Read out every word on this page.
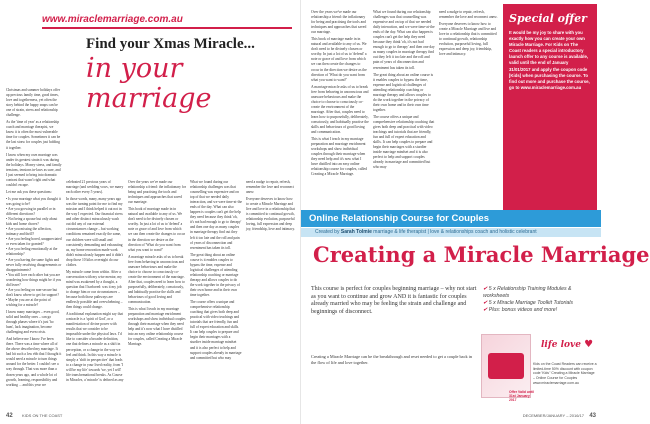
www.miraclemarriage.com.au
Find your Xmas Miracle...
in your marriage

Christmas and summer holidays offer up precious family time, good times, love and togetherness, yet often the story behind the happy snaps can be one of strain, stress and relationship challenge.

As the 'time of year' as a relationship coach and marriage therapist, we know it is often the most vulnerable time for couples. Sometimes it can be the last straw for couples just holding it together.

I know when my own marriage was under its greatest strain it was during the holidays. Money stress, and family tensions, tensions in-laws as sure, and I just seemed to bring into dramatic contrast that wasn't right and what couldn't escape.

Let me ask you these questions:

• Is your marriage what you thought it was going to be?
• Are you growing in parallel or in different directions?
• Not being a spouse but only about kids and home chores?
• Are you missing the affection, intimacy and thrill?
• Are you feeling bored, unappreciated or even taken for granted?
• Are you feeling emotionally at the relationship?
• Are you having the same fights and never fully resolving disagreements or disappointments?
• You still love each other but you are wondering how things might be if you did leave?
• Are you feeling on non-secure but don't know where to get for support?
• Maybe you are at the point of wishing for a miracle?

I know many marriages – even good, solid and healthy ones – can go through phases where it's just 'ho hum', lack imagination, become challenging and even crisis.

And believe me I know I've been there. There was a time where all of the above described my marriage. It had hit such a low ebb that I thought it would need a miracle to turn things around for the better. I couldn't see a way through. That was more than a dozen years ago, and a whole lot of growth, learning, responsibility and working ... and this year we

celebrated 21 precious years of marriage (and wedding vows, we marry each other every 5 years).

In those words, many, many years ago was the turning point for me to find my mission and I think helped it out not in the way I expected. Our financial stress and other distinct miraculously wash out did any of our external circumstances change – but working conditions remained exactly the same, our children were still small and consistently demanding and exhausting us, my home renovation made work didn't miraculously happen and it didn't drop those 10 kilos overnight do our clothes.

My miracle came from within. After a conversation with my wise mentor, my mind was awakened by a thought, a question that I harbored: was it my job to change him or our circumstances – because both those pathways are endlessly possible and overwhelming – then things could change.

A traditional explanation might say that a miracle is a 'spirit of God', or a manifestation of divine power with results that we consider to be impossible under the physical laws. I'd like to consider a broader definition, one that defines a miracle as a shift in perception, or a change in the way we feel and think. In this way a miracle is simply a 'shift in perspective' that leads to a change in your lived reality, from 'I will be my life' towards 'we, yet I will' life transformational breaks. As Course in Miracles, a 'miracle' is defined as any

Over the years we've made our relationship a friend: the inflationary for being and practising the tools and techniques and approaches that saved our marriage.

This book of marriage made in in natural and available to any of us. We don't need to be divinely chosen or worthy. In just a lot of us to 'defend' a note or grace of and love from which we can then create the changes to occur in the direction we desire as the direction of 'What do you want from what you want to want?'

A marriage miracle asks of us to break free from behaving in unconscious and unaware behaviours and make the choice to choose to consciously co-create the environment of the marriage. After that, couples need to learn how to purposefully, deliberately, consciously, and habitually practise the skills and behaviours of good loving and communication.

This is what I teach in my marriage preparation and marriage enrichment workshops and show individual couples through their marriage when they need help and it's now what I have distilled into an easy online relationship course for couples, called Creating a Miracle Marriage.

What we found during our relationship challenges was that counselling was expensive and on top of that we needed daily interaction, and we were time-at-the ends of the day. What can also happen is couples can't get the help they need because they think 'oh, it's not bad enough to go to therapy' and then one day as many couples in marriage therapy find out they left it too late and the roll and pain of years of disconnection and resentment has taken its toll.

The great thing about an online course is it enables couples to bypass the time, expense and logistical challenges of attending relationship coaching or marriage therapy and allows couples to do the work together in the privacy of their own home and in their own time together.

The course offers a unique and comprehensive relationship coaching that gives both deep and practical with video teachings and tutorials that are friendly, fun and full of expert education and skills. It can help couples to prepare and begin their marriages with a sturdier inside marriage mindset and it is also perfect to help and support couples already in marriage and committed but who may

need a nudge to repair, refresh, remember the love and reconnect anew.

Everyone deserves to know how to create a Miracle Marriage and live and love in a relationship that is committed to continual growth, relationship evolution, purposeful loving, full expression and deep joy, friendship, love and intimacy.

42 KIDS ON THE COAST

Over the years we've made our relationship a friend: the inflationary for being and practising the tools and techniques and approaches that saved our marriage.

This book of marriage made in in natural and available to any of us. We don't need to be divinely chosen or worthy. In just a lot of us to 'defend' a note or grace of and love from which we can then create the changes to occur in the direction we desire as the direction of 'What do you want from what you want to want?'

A marriage miracle asks of us to break free from behaving in unconscious and unaware behaviours and make the choice to choose to consciously co-create the environment of the marriage. After that, couples need to learn how to purposefully, deliberately, consciously, and habitually practise the skills and behaviours of good loving and communication.

This is what I teach in my marriage preparation and marriage enrichment workshops and show individual couples through their marriage when they need help and it's now what I have distilled into an easy online relationship course for couples, called Creating a Miracle Marriage.

What we found during our relationship challenges was that counselling was expensive and on top of that we needed daily interaction, and we were time-at-the ends of the day. What can also happen is couples can't get the help they need because they think 'oh, it's not bad enough to go to therapy' and then one day as many couples in marriage therapy find out they left it too late and the roll and pain of years of disconnection and resentment has taken its toll.

The great thing about an online course is it enables couples to bypass the time, expense and logistical challenges of attending relationship coaching or marriage therapy and allows couples to do the work together in the privacy of their own home and in their own time together.

The course offers a unique and comprehensive relationship coaching that gives both deep and practical with video teachings and tutorials that are friendly, fun and full of expert education and skills. It can help couples to prepare and begin their marriages with a sturdier inside marriage mindset and it is also perfect to help and support couples already in marriage and committed but who may

need a nudge to repair, refresh, remember the love and reconnect anew.

Everyone deserves to know how to create a Miracle Marriage and live and love in a relationship that is committed to continual growth, relationship evolution, purposeful loving, full expression and deep joy, friendship, love and intimacy.

Special offer
It would be my joy to share with you exactly how you can create your own Miracle Marriage. For Kids on The Coast readers a special introductory launch offer to any course is available, valid until the end of January 31/01/2017 and apply the coupon code [Kids] when purchasing the course. To find out more and purchase the course, go to www.miraclemarriage.com.au
Online Relationship Course for Couples
Created by Sarah Tolmie marriage & life therapist | love & relationships coach and holistic celebrant
Creating a Miracle Marriage
This course is perfect for couples beginning marriage – why not start as you want to continue and grow AND it is fantastic for couples already married who may be feeling the strain and challenge and beginnings of disconnect.
Creating a Miracle Marriage can be the breakthrough and reset needed to get a couple back in the flow of life and love together.
✔ 5 x Relationship Training Modules & worksheets
✔ 5 x Miracle Marriage Toolkit Tutorials
✔ Plus: bonus videos and more!
Offer Valid until 31st January 2017
life love ♥
Kids on the Coast Readers can receive a limited-time 50% discount with coupon code 'Kids' 'Creating a Miracle Marriage – Online Course for Couples www.miraclemarriage.com.au
DECEMBER/JANUARY – 2016/17 43
